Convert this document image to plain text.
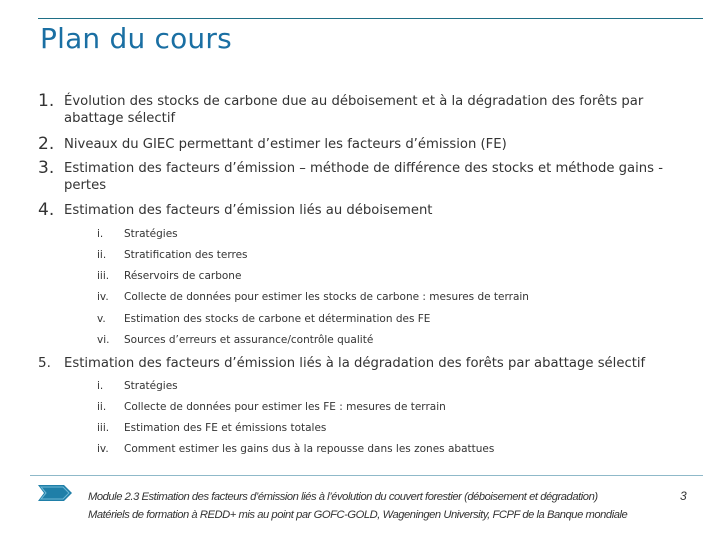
Plan du cours
1. Évolution des stocks de carbone due au déboisement et à la dégradation des forêts par abattage sélectif
2. Niveaux du GIEC permettant d’estimer les facteurs d’émission (FE)
3. Estimation des facteurs d’émission – méthode de différence des stocks et méthode gains -pertes
4. Estimation des facteurs d’émission liés au déboisement
i. Stratégies
ii. Stratification des terres
iii. Réservoirs de carbone
iv. Collecte de données pour estimer les stocks de carbone : mesures de terrain
v. Estimation des stocks de carbone et détermination des FE
vi. Sources d’erreurs et assurance/contrôle qualité
5. Estimation des facteurs d’émission liés à la dégradation des forêts par abattage sélectif
i. Stratégies
ii. Collecte de données pour estimer les FE : mesures de terrain
iii. Estimation des FE et émissions totales
iv. Comment estimer les gains dus à la repousse dans les zones abattues
Module 2.3 Estimation des facteurs d’émission liés à l’évolution du couvert forestier (déboisement et dégradation)
Matériels de formation à REDD+ mis au point par GOFC-GOLD, Wageningen University, FCPF de la Banque mondiale
3
